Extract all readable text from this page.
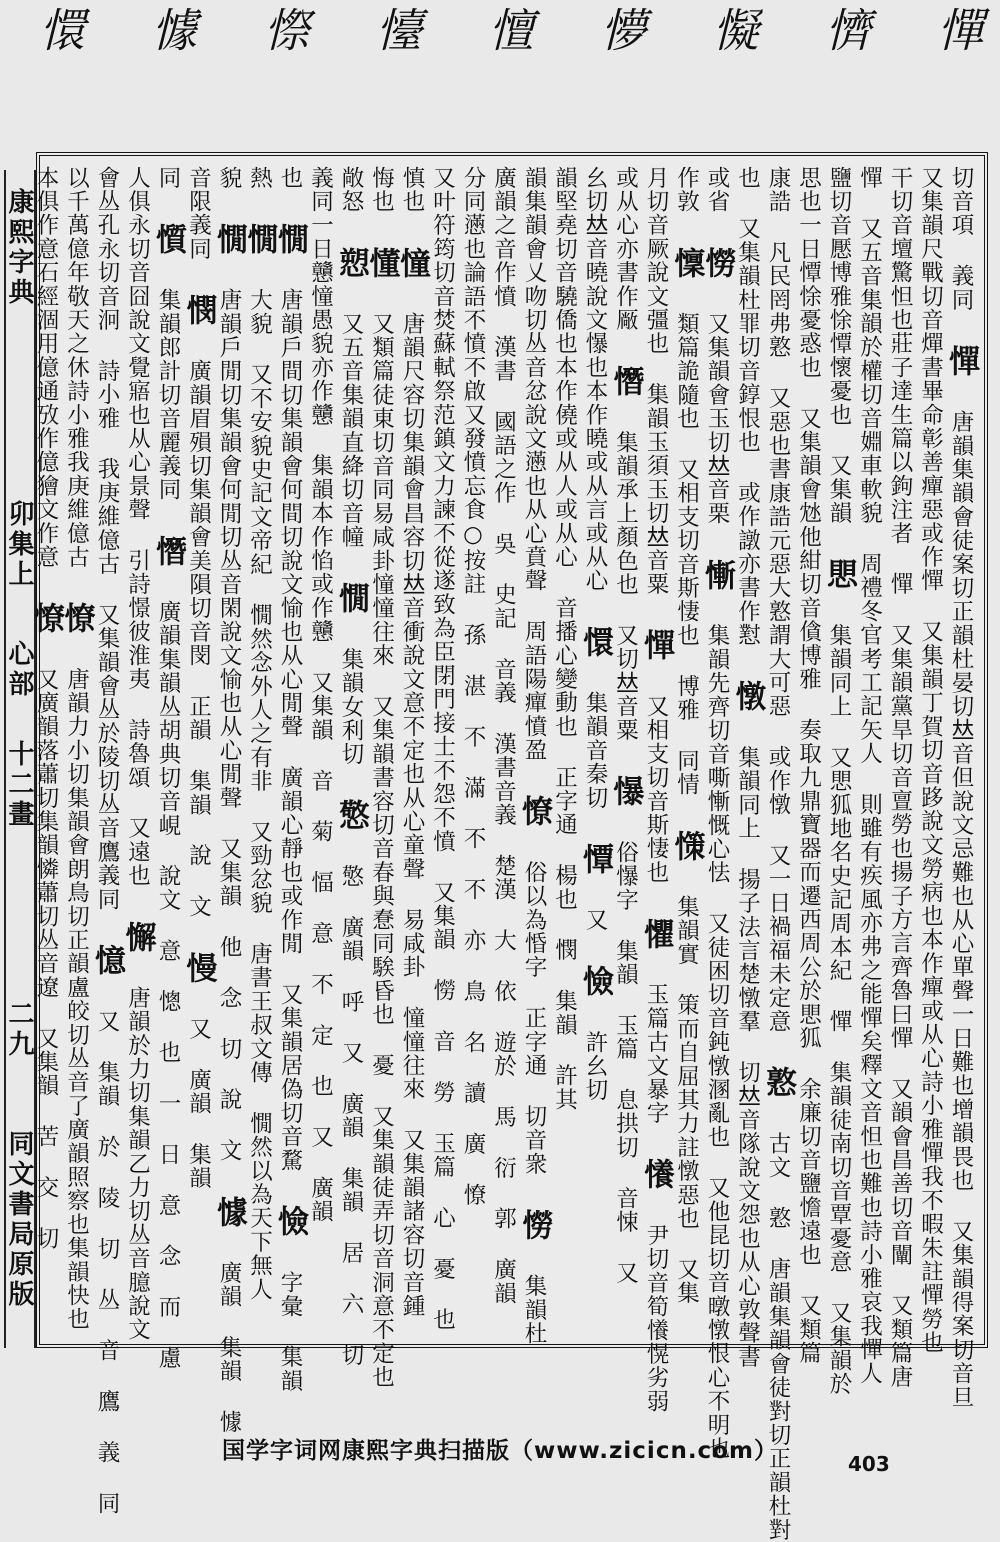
憚
懠
懝
懜
憻
懛
憏
懅
懁
康熙字典
卯集上
心部
十二畫
二九
同文書局原版
切音項 義同 憚 唐韻集韻會徒案切正韻杜晏切𠀤音但說文忌難也从心單聲一日難也增韻畏也 又集韻得案切音旦
又集韻尺戰切音燀書畢命彰善癉惡或作憚 又集韻丁賀切音跢說文勞病也本作癉或从心詩小雅憚我不暇朱註憚勞也
干切音壇驚怛也莊子達生篇以鉤注者 憚 又集韻黨旱切音亶勞也揚子方言齊魯曰憚 又韻會昌善切音闡 又類篇唐
憚 又五音集韻於權切音婣車軟貌 周禮冬官考工記矢人 則雖有疾風亦弗之能憚矣釋文音怛也難也詩小雅哀我憚人
鹽切音懕博雅悇憛懷憂也 又集韻 愳 集韻同上 又愳狐地名史記周本紀 憚 集韻徒南切音覃憂意 又集韻於
思也一日憛悇憂惑也 又集韻會沊他紺切音僋博雅 奏取九鼎寶器而遷西周公於愳狐 余廉切音鹽憺遠也 又類篇
康誥 凡民罔弗憝 又惡也書康誥元惡大憝謂大可惡 或作憞 又一日禍福未定意 憝 古文 憝 唐韻集韻會徒對切正韻杜對
也 又集韻杜罪切音錞恨也 或作譈亦書作懟 憞 集韻同上 揚子法言楚憞羣 切𠀤音隊說文怨也从心敦聲書
或省 憦 又集韻會玉切𠀤音栗 慚 集韻先齊切音嘶慚慨心怯 又徒困切音鈍憞溷亂也 又他昆切音暾憞恨心不明也
作敦 懍 類篇詭隨也 又相支切音斯悽也 博雅 同情 憡 集韻實 策而自屈其力註憞惡也 又集
月切音厥說文彊也 集韻玉須玉切𠀤音粟 憚 又相支切音斯悽也 懼 玉篇古文暴字 懩 尹切音筍懩愰劣弱
或从心亦書作厰 憯 集韻承上顏色也 又切𠀤音粟 懪 俗懪字 集韻 玉篇 息拱切 音悚 又
幺切𠀤音曉說文懪也本作曉或从言或从心 懁 集韻音秦切 憛 又 憸 許幺切
韻堅堯切音驍僑也本作僥或从人或从心 音播心變動也 正字通 楊也 憫 集韻 許其
韻集韻會乂吻切丛音忿說文懣也从心賁聲 周語陽癉憤盈 憭 俗以為惛字 正字通 切音衆 憦 集韻杜
廣韻之音作憤 漢書 國語之作 吳 史記 音義 漢書音義 楚漢 大 依 遊於 馬 衍 郭 廣韻
分同懣也論語不憤不啟又發憤忘食○按註 孫 湛 不 滿 不 不 亦 鳥 名 讀 廣 憭
又叶符筠切音焚蘇軾祭范鎮文力諫不從遂致為臣閉門接士不怨不憤 又集韻 憦 音 勞 玉篇 心 憂 也
慎也 憧 唐韻尺容切集韻會昌容切𠀤音衝說文意不定也从心童聲 易咸卦 憧憧往來 又集韻諸容切音鍾
悔也 懂 又類篇徒東切音同易咸卦憧憧往來 又集韻書容切音春與惷同騃昏也 憂 又集韻徒弄切音洞意不定也
敞怒 愬 又五音集韻直絳切音幢 憪 集韻女利切 憼 憼 廣韻 呼 又 廣韻 集韻 居 六 切
義同一日戇憧愚貌亦作戇 集韻本作惂或作戇 又集韻 音 菊 愊 意 不 定 也 又 廣韻
也 憪 唐韻戶間切集韻會何間切說文愉也从心閒聲 廣韻心靜也或作閒 又集韻居偽切音騖 憸 字彙 集韻
熱 憪 大貌 又不安貌史記文帝紀 憪然念外人之有非 又勁忿貌 唐書王叔文傳 憪然以為天下無人
貌 憪 唐韻戶閒切集韻會何閒切丛音閑說文愉也从心閒聲 又集韻 他 念 切 說 文 懅 廣韻 集韻 懅
音限義同 憫 廣韻眉殞切集韻會美隕切音閔 正韻 集韻 說 文 慢 又 廣韻 集韻
同 懫 集韻郎計切音麗義同 憯 廣韻集韻丛胡典切音峴 說文 意 憁 也 一 日 意 念 而 慮
人俱永切音囧說文覺寤也从心景聲 引詩憬彼淮夷 詩魯頌 又遠也 懈 唐韻於力切集韻乙力切丛音臆說文
會丛孔永切音泂 詩小雅 我庚維億古 又集韻會丛於陵切丛音鷹義同 憶 又 集韻 於 陵 切 丛 音 鷹 義 同
以千萬億年敬天之休詩小雅我庚維億古 憭 唐韻力小切集韻會朗鳥切正韻盧皎切丛音了廣韻照察也集韻快也
本俱作意石經涸用億通攷作億獪文作意 憭 又廣韻落蕭切集韻憐蕭切丛音遼 又集韻 苦 交 切
国学字词网康熙字典扫描版（www.zicicn.com）	403
